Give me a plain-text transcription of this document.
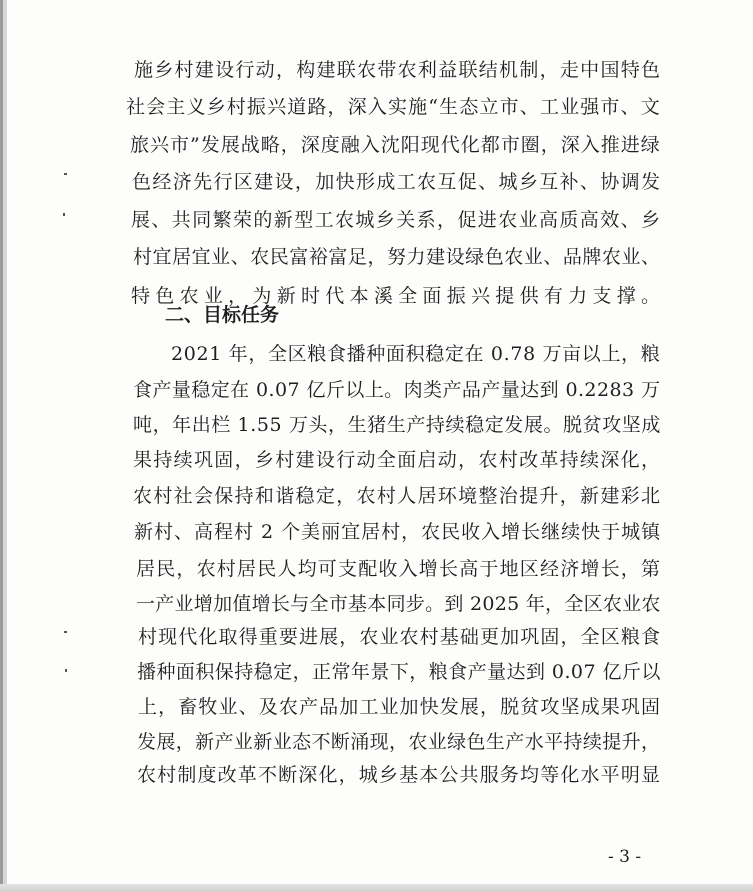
施乡村建设行动，构建联农带农利益联结机制，走中国特色
社会主义乡村振兴道路，深入实施“生态立市、工业强市、文
旅兴市”发展战略，深度融入沈阳现代化都市圈，深入推进绿
色经济先行区建设，加快形成工农互促、城乡互补、协调发
展、共同繁荣的新型工农城乡关系，促进农业高质高效、乡
村宜居宜业、农民富裕富足，努力建设绿色农业、品牌农业、
特色农业，为新时代本溪全面振兴提供有力支撑。
二、目标任务
2021 年，全区粮食播种面积稳定在 0.78 万亩以上，粮
食产量稳定在 0.07 亿斤以上。肉类产品产量达到 0.2283 万
吨，年出栏 1.55 万头，生猪生产持续稳定发展。脱贫攻坚成
果持续巩固，乡村建设行动全面启动，农村改革持续深化，
农村社会保持和谐稳定，农村人居环境整治提升，新建彩北
新村、高程村 2 个美丽宜居村，农民收入增长继续快于城镇
居民，农村居民人均可支配收入增长高于地区经济增长，第
一产业增加值增长与全市基本同步。到 2025 年，全区农业农
村现代化取得重要进展，农业农村基础更加巩固，全区粮食
播种面积保持稳定，正常年景下，粮食产量达到 0.07 亿斤以
上，畜牧业、及农产品加工业加快发展，脱贫攻坚成果巩固
发展，新产业新业态不断涌现，农业绿色生产水平持续提升，
农村制度改革不断深化，城乡基本公共服务均等化水平明显
- 3 -
